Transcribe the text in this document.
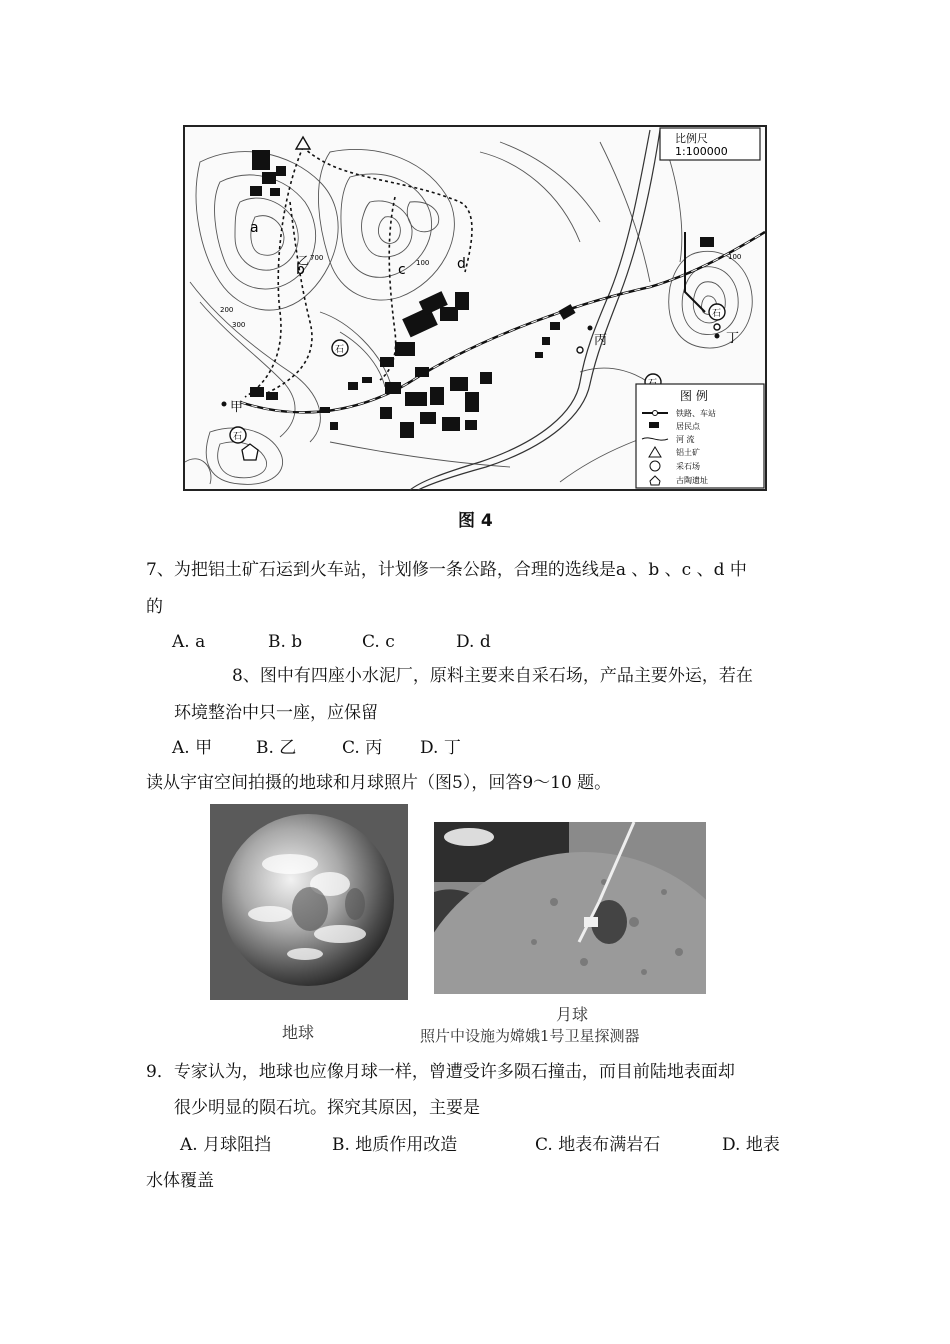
石
石
石
a
b	c	d
700
100
200
300
100
甲
乙
丙	丁
比例尺
1:100000
图 例
铁路、车站
居民点
河 流
铝土矿
采石场
古陶遗址
图 4
7、为把铝土矿石运到火车站，计划修一条公路，合理的选线是a 、b 、c 、d 中
的
A. a	B. b	C. c	D. d
8、图中有四座小水泥厂，原料主要来自采石场，产品主要外运，若在
环境整治中只一座，应保留
A. 甲	B. 乙	C. 丙 D. 丁
读从宇宙空间拍摄的地球和月球照片（图5），回答9～10 题。
地球
月球
照片中设施为嫦娥1号卫星探测器
9．专家认为，地球也应像月球一样，曾遭受许多陨石撞击，而目前陆地表面却
很少明显的陨石坑。探究其原因，主要是
A. 月球阻挡	B. 地质作用改造	C. 地表布满岩石	D. 地表
水体覆盖
